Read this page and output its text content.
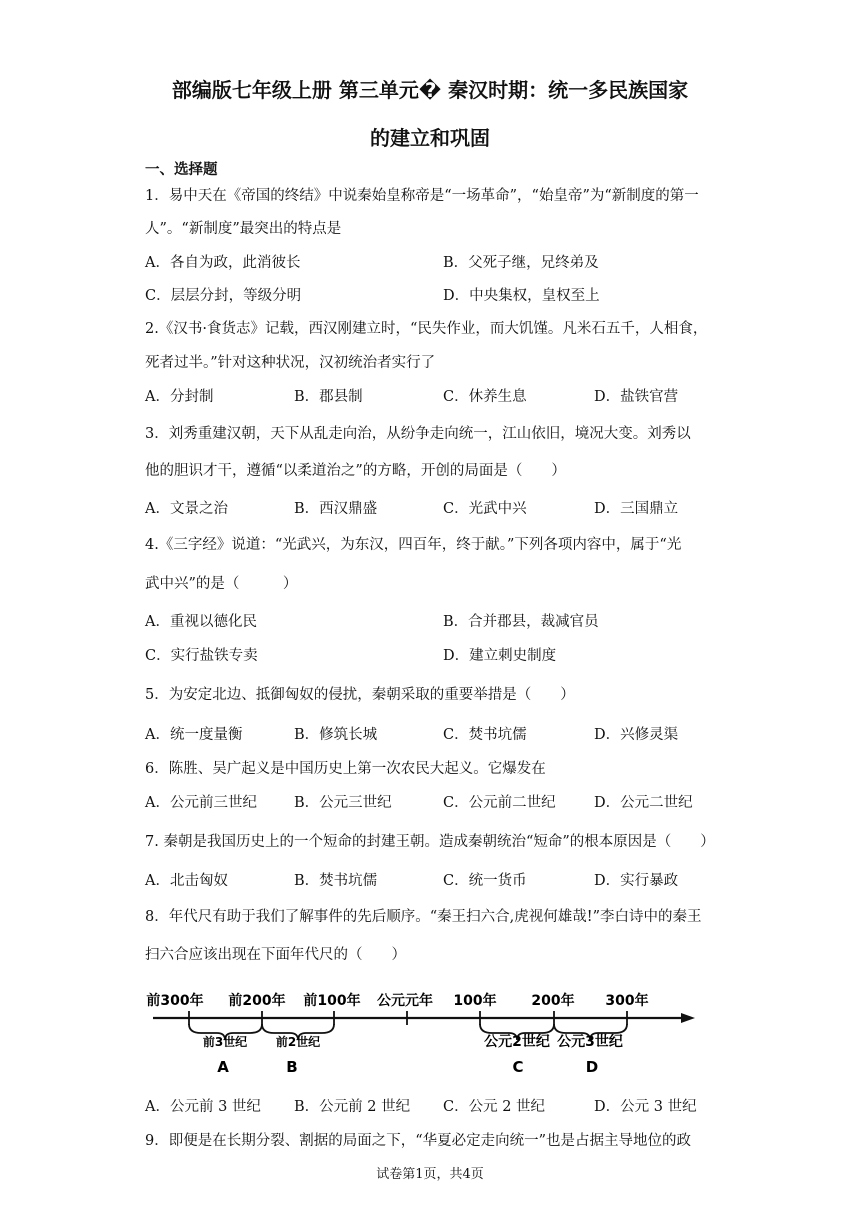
部编版七年级上册 第三单元� 秦汉时期：统一多民族国家
的建立和巩固
一、选择题
1．易中天在《帝国的终结》中说秦始皇称帝是“一场革命”，“始皇帝”为“新制度的第一
人”。“新制度”最突出的特点是
A．各自为政，此消彼长	B．父死子继，兄终弟及
C．层层分封，等级分明	D．中央集权，皇权至上
2.《汉书·食货志》记载，西汉刚建立时，“民失作业，而大饥馑。凡米石五千，人相食，
死者过半。”针对这种状况，汉初统治者实行了
A．分封制	B．郡县制	C．休养生息	D．盐铁官营
3．刘秀重建汉朝，天下从乱走向治，从纷争走向统一，江山依旧，境况大变。刘秀以
他的胆识才干，遵循“以柔道治之”的方略，开创的局面是（　　）
A．文景之治	B．西汉鼎盛	C．光武中兴	D．三国鼎立
4.《三字经》说道：“光武兴，为东汉，四百年，终于献。”下列各项内容中，属于“光
武中兴”的是（　　　）
A．重视以德化民	B．合并郡县，裁减官员
C．实行盐铁专卖	D．建立刺史制度
5．为安定北边、抵御匈奴的侵扰，秦朝采取的重要举措是（　　）
A．统一度量衡	B．修筑长城	C．焚书坑儒	D．兴修灵渠
6．陈胜、吴广起义是中国历史上第一次农民大起义。它爆发在
A．公元前三世纪	B．公元三世纪	C．公元前二世纪	D．公元二世纪
7. 秦朝是我国历史上的一个短命的封建王朝。造成秦朝统治“短命”的根本原因是（　　）
A．北击匈奴	B．焚书坑儒	C．统一货币	D．实行暴政
8．年代尺有助于我们了解事件的先后顺序。“秦王扫六合,虎视何雄哉!”李白诗中的秦王
扫六合应该出现在下面年代尺的（　　）
前300年 前200年 前100年 公元元年 100年 200年 300年
前3世纪 前2世纪	公元2世纪 公元3世纪
A	B	C	D
A．公元前 3 世纪 B．公元前 2 世纪 C．公元 2 世纪	D．公元 3 世纪
9．即便是在长期分裂、割据的局面之下，“华夏必定走向统一”也是占据主导地位的政
试卷第1页，共4页
